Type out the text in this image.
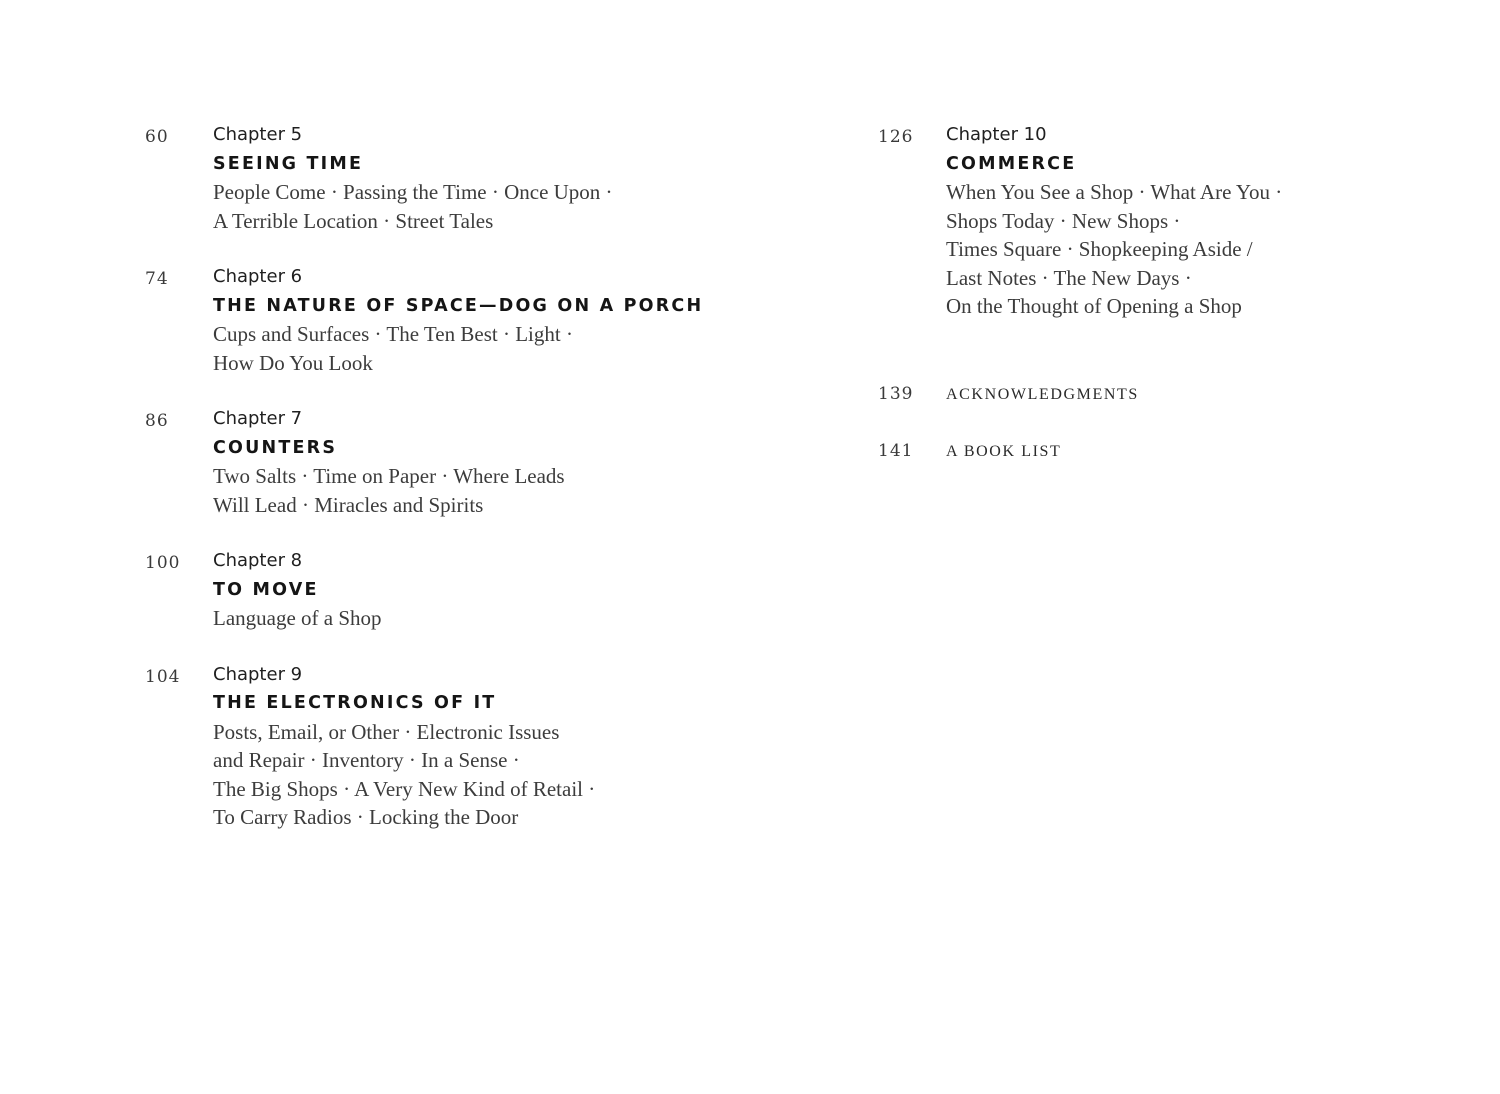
60	Chapter 5
SEEING TIME
People Come · Passing the Time · Once Upon ·
A Terrible Location · Street Tales
74	Chapter 6
THE NATURE OF SPACE—DOG ON A PORCH
Cups and Surfaces · The Ten Best · Light ·
How Do You Look
86	Chapter 7
COUNTERS
Two Salts · Time on Paper · Where Leads
Will Lead · Miracles and Spirits
100	Chapter 8
TO MOVE
Language of a Shop
104	Chapter 9
THE ELECTRONICS OF IT
Posts, Email, or Other · Electronic Issues
and Repair · Inventory · In a Sense ·
The Big Shops · A Very New Kind of Retail ·
To Carry Radios · Locking the Door
126	Chapter 10
COMMERCE
When You See a Shop · What Are You ·
Shops Today · New Shops ·
Times Square · Shopkeeping Aside /
Last Notes · The New Days ·
On the Thought of Opening a Shop
139	ACKNOWLEDGMENTS
141	A BOOK LIST
